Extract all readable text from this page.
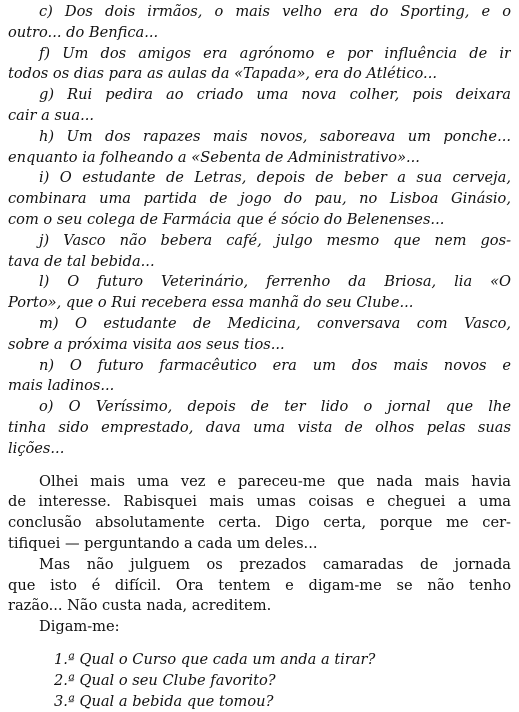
c) Dos dois irmãos, o mais velho era do Sporting, e o
outro... do Benfica...
f) Um dos amigos era agrónomo e por influência de ir
todos os dias para as aulas da «Tapada», era do Atlético...
g) Rui pedira ao criado uma nova colher, pois deixara
cair a sua...
h) Um dos rapazes mais novos, saboreava um ponche...
enquanto ia folheando a «Sebenta de Administrativo»...
i) O estudante de Letras, depois de beber a sua cerveja,
combinara uma partida de jogo do pau, no Lisboa Ginásio,
com o seu colega de Farmácia que é sócio do Belenenses...
j) Vasco não bebera café, julgo mesmo que nem gos-
tava de tal bebida...
l) O futuro Veterinário, ferrenho da Briosa, lia «O
Porto», que o Rui recebera essa manhã do seu Clube...
m) O estudante de Medicina, conversava com Vasco,
sobre a próxima visita aos seus tios...
n) O futuro farmacêutico era um dos mais novos e
mais ladinos...
o) O Veríssimo, depois de ter lido o jornal que lhe
tinha sido emprestado, dava uma vista de olhos pelas suas
lições...
Olhei mais uma vez e pareceu-me que nada mais havia
de interesse. Rabisquei mais umas coisas e cheguei a uma
conclusão absolutamente certa. Digo certa, porque me cer-
tifiquei — perguntando a cada um deles...
Mas não julguem os prezados camaradas de jornada
que isto é difícil. Ora tentem e digam-me se não tenho
razão... Não custa nada, acreditem.
Digam-me:
1.ª Qual o Curso que cada um anda a tirar?
2.ª Qual o seu Clube favorito?
3.ª Qual a bebida que tomou?
